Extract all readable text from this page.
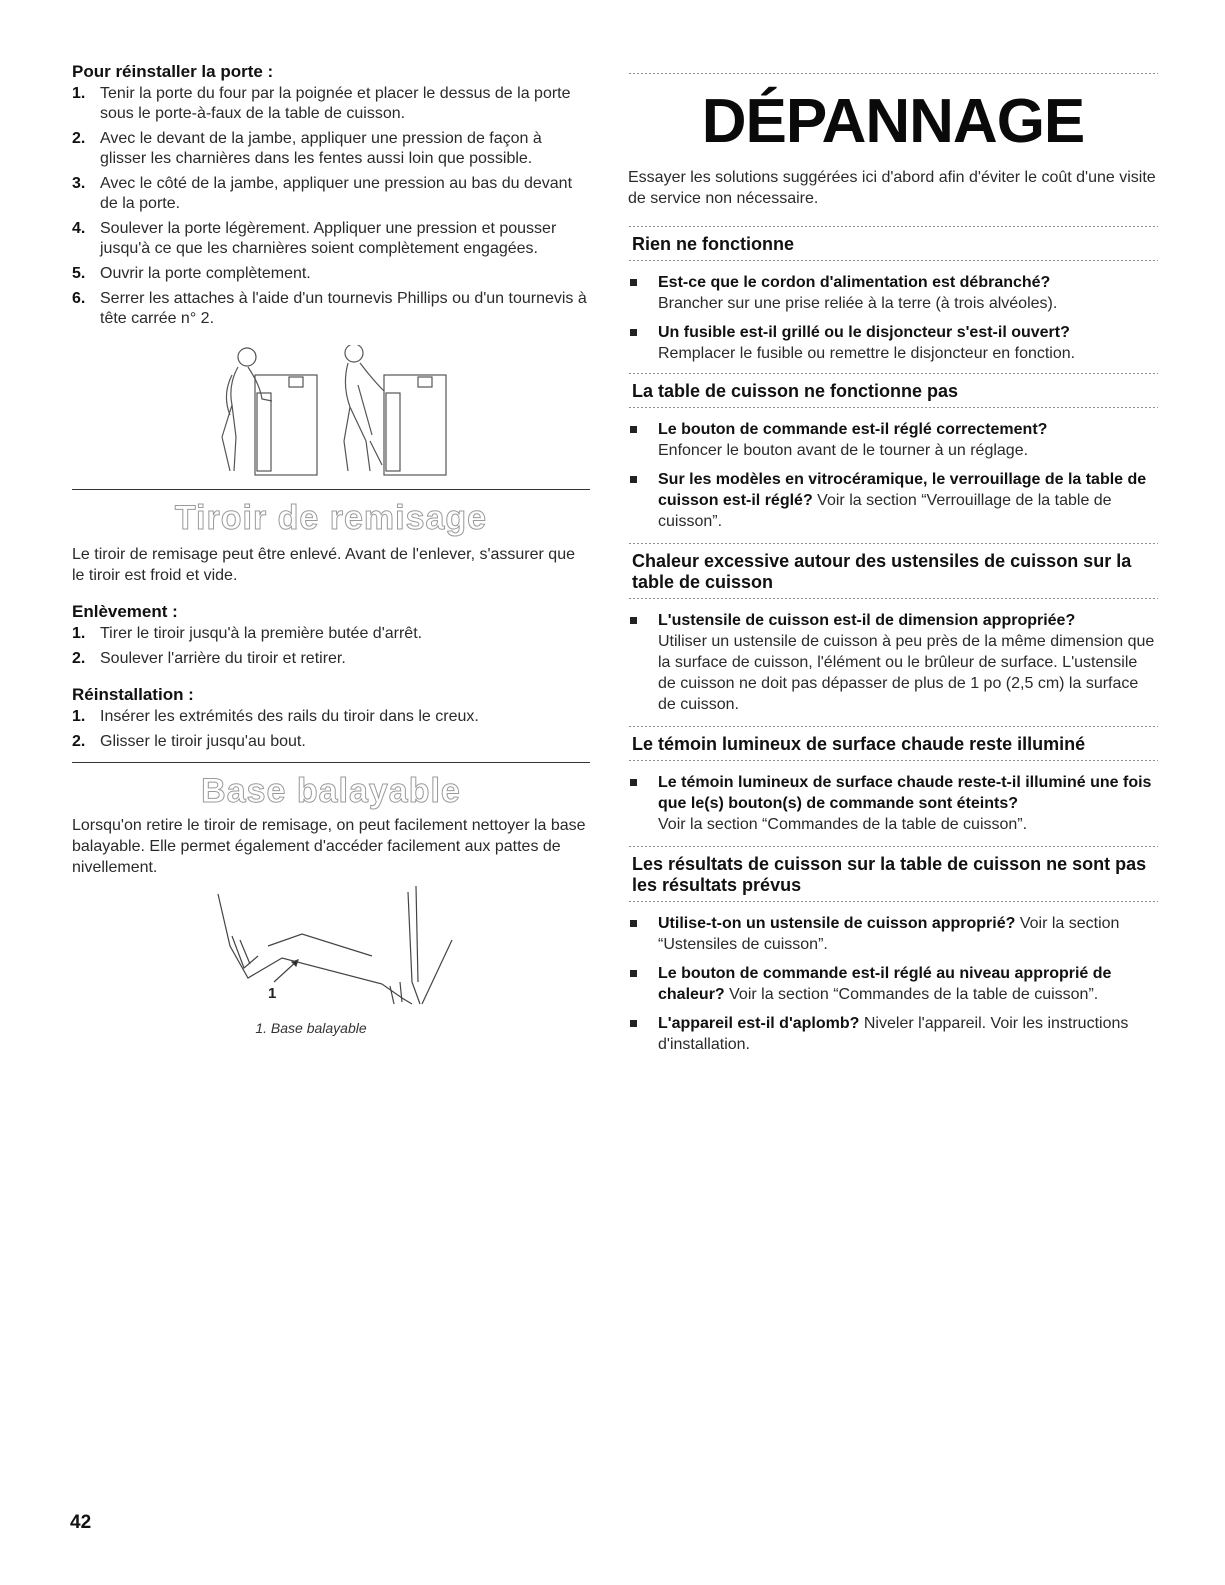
Pour réinstaller la porte :
1. Tenir la porte du four par la poignée et placer le dessus de la porte sous le porte-à-faux de la table de cuisson.
2. Avec le devant de la jambe, appliquer une pression de façon à glisser les charnières dans les fentes aussi loin que possible.
3. Avec le côté de la jambe, appliquer une pression au bas du devant de la porte.
4. Soulever la porte légèrement. Appliquer une pression et pousser jusqu'à ce que les charnières soient complètement engagées.
5. Ouvrir la porte complètement.
6. Serrer les attaches à l'aide d'un tournevis Phillips ou d'un tournevis à tête carrée n° 2.
Tiroir de remisage

Le tiroir de remisage peut être enlevé. Avant de l'enlever, s'assurer que le tiroir est froid et vide.

Enlèvement :
1. Tirer le tiroir jusqu'à la première butée d'arrêt.
2. Soulever l'arrière du tiroir et retirer.
Réinstallation :
1. Insérer les extrémités des rails du tiroir dans le creux.
2. Glisser le tiroir jusqu'au bout.
Base balayable

Lorsqu'on retire le tiroir de remisage, on peut facilement nettoyer la base balayable. Elle permet également d'accéder facilement aux pattes de nivellement.

1
1. Base balayable
DÉPANNAGE

Essayer les solutions suggérées ici d'abord afin d'éviter le coût d'une visite de service non nécessaire.

Rien ne fonctionne
Est-ce que le cordon d'alimentation est débranché?
Brancher sur une prise reliée à la terre (à trois alvéoles).
Un fusible est-il grillé ou le disjoncteur s'est-il ouvert?
Remplacer le fusible ou remettre le disjoncteur en fonction.
La table de cuisson ne fonctionne pas
Le bouton de commande est-il réglé correctement?
Enfoncer le bouton avant de le tourner à un réglage.
Sur les modèles en vitrocéramique, le verrouillage de la table de cuisson est-il réglé? Voir la section “Verrouillage de la table de cuisson”.
Chaleur excessive autour des ustensiles de cuisson sur la table de cuisson
L'ustensile de cuisson est-il de dimension appropriée?
Utiliser un ustensile de cuisson à peu près de la même dimension que la surface de cuisson, l'élément ou le brûleur de surface. L'ustensile de cuisson ne doit pas dépasser de plus de 1 po (2,5 cm) la surface de cuisson.
Le témoin lumineux de surface chaude reste illuminé
Le témoin lumineux de surface chaude reste-t-il illuminé une fois que le(s) bouton(s) de commande sont éteints?
Voir la section “Commandes de la table de cuisson”.
Les résultats de cuisson sur la table de cuisson ne sont pas les résultats prévus
Utilise-t-on un ustensile de cuisson approprié? Voir la section “Ustensiles de cuisson”.
Le bouton de commande est-il réglé au niveau approprié de chaleur? Voir la section “Commandes de la table de cuisson”.
L'appareil est-il d'aplomb? Niveler l'appareil. Voir les instructions d'installation.
42
